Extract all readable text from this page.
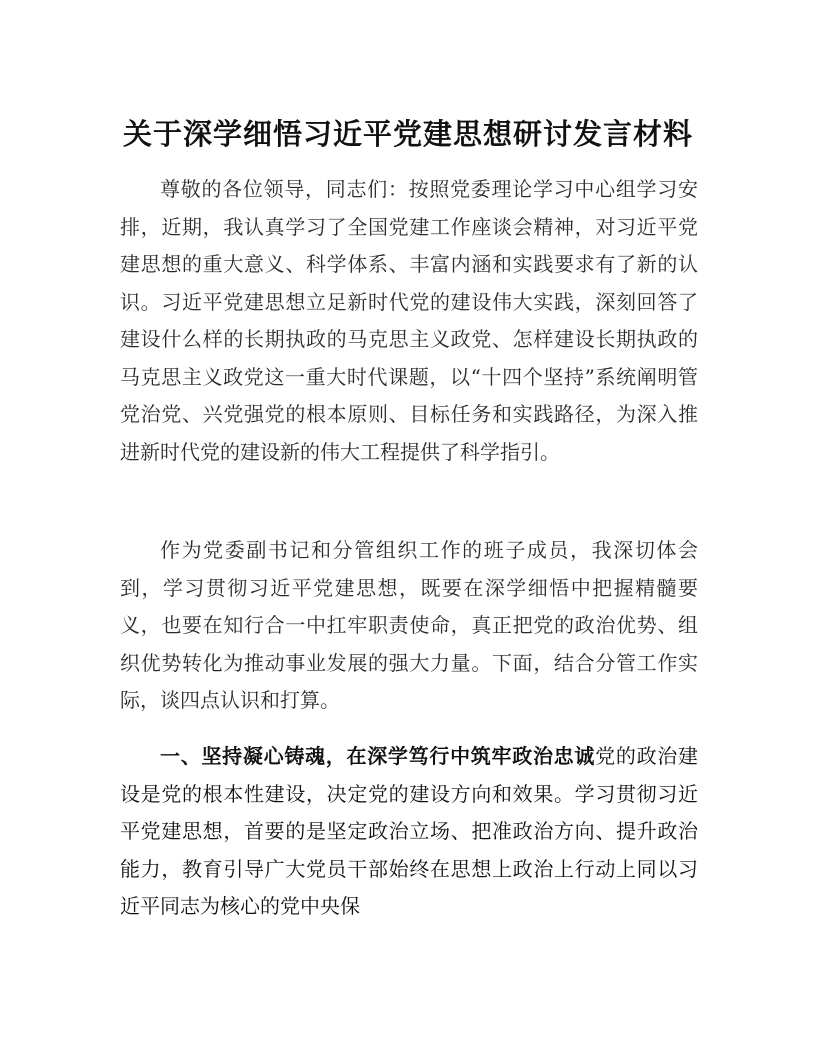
关于深学细悟习近平党建思想研讨发言材料

尊敬的各位领导，同志们：按照党委理论学习中心组学习安排，近期，我认真学习了全国党建工作座谈会精神，对习近平党建思想的重大意义、科学体系、丰富内涵和实践要求有了新的认识。习近平党建思想立足新时代党的建设伟大实践，深刻回答了建设什么样的长期执政的马克思主义政党、怎样建设长期执政的马克思主义政党这一重大时代课题，以“十四个坚持”系统阐明管党治党、兴党强党的根本原则、目标任务和实践路径，为深入推进新时代党的建设新的伟大工程提供了科学指引。

作为党委副书记和分管组织工作的班子成员，我深切体会到，学习贯彻习近平党建思想，既要在深学细悟中把握精髓要义，也要在知行合一中扛牢职责使命，真正把党的政治优势、组织优势转化为推动事业发展的强大力量。下面，结合分管工作实际，谈四点认识和打算。

一、坚持凝心铸魂，在深学笃行中筑牢政治忠诚党的政治建设是党的根本性建设，决定党的建设方向和效果。学习贯彻习近平党建思想，首要的是坚定政治立场、把准政治方向、提升政治能力，教育引导广大党员干部始终在思想上政治上行动上同以习近平同志为核心的党中央保
